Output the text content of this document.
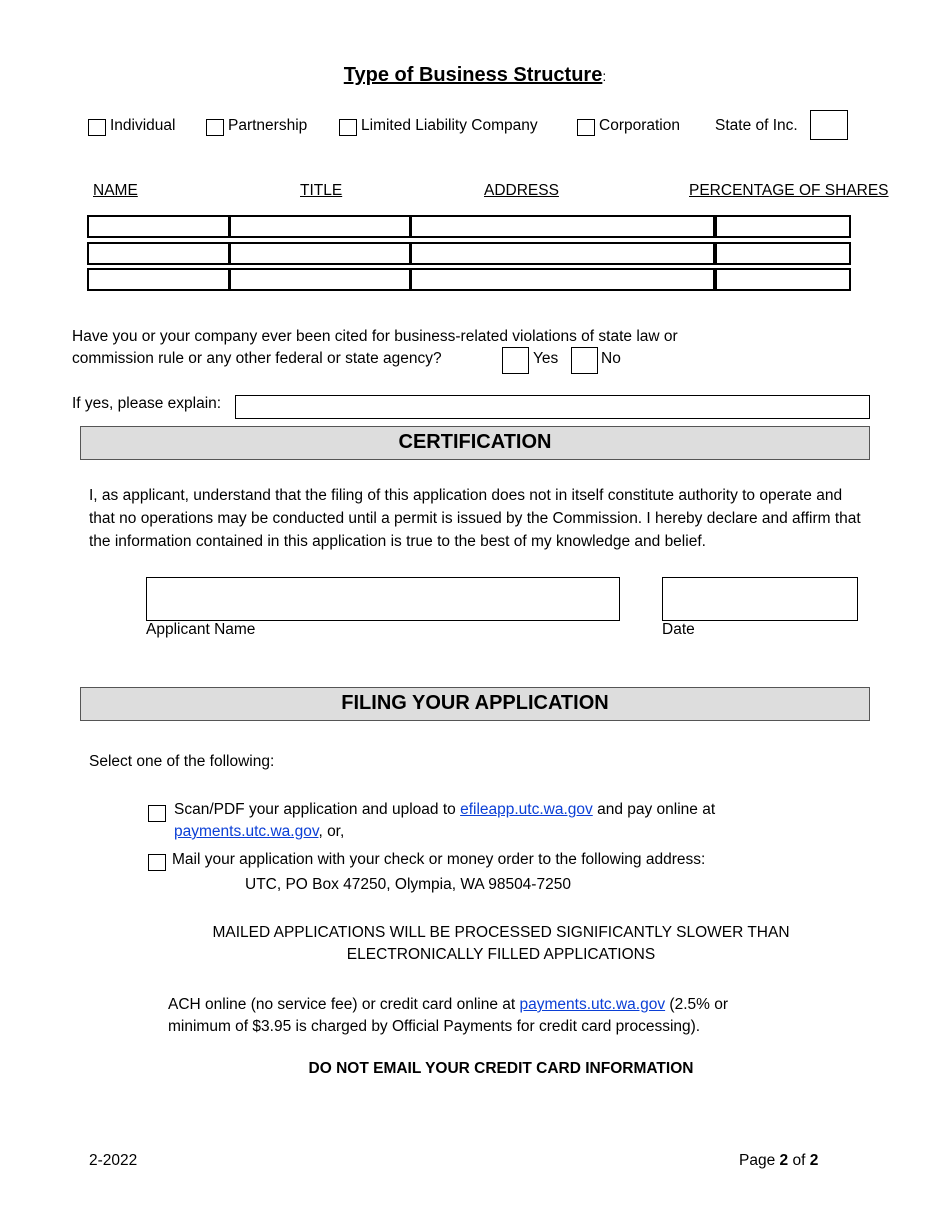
Type of Business Structure:
Individual	Partnership	Limited Liability Company	Corporation State of Inc.
NAME	TITLE	ADDRESS	PERCENTAGE OF SHARES
Have you or your company ever been cited for business-related violations of state law or
commission rule or any other federal or state agency?	Yes	No
If yes, please explain:
CERTIFICATION
I, as applicant, understand that the filing of this application does not in itself constitute authority to operate and that no operations may be conducted until a permit is issued by the Commission. I hereby declare and affirm that the information contained in this application is true to the best of my knowledge and belief.
Applicant Name	Date
FILING YOUR APPLICATION
Select one of the following:
Scan/PDF your application and upload to efileapp.utc.wa.gov and pay online at
payments.utc.wa.gov, or,
Mail your application with your check or money order to the following address:
UTC, PO Box 47250, Olympia, WA 98504-7250
MAILED APPLICATIONS WILL BE PROCESSED SIGNIFICANTLY SLOWER THAN
ELECTRONICALLY FILLED APPLICATIONS
ACH online (no service fee) or credit card online at payments.utc.wa.gov (2.5% or
minimum of $3.95 is charged by Official Payments for credit card processing).
DO NOT EMAIL YOUR CREDIT CARD INFORMATION
2-2022	Page 2 of 2
